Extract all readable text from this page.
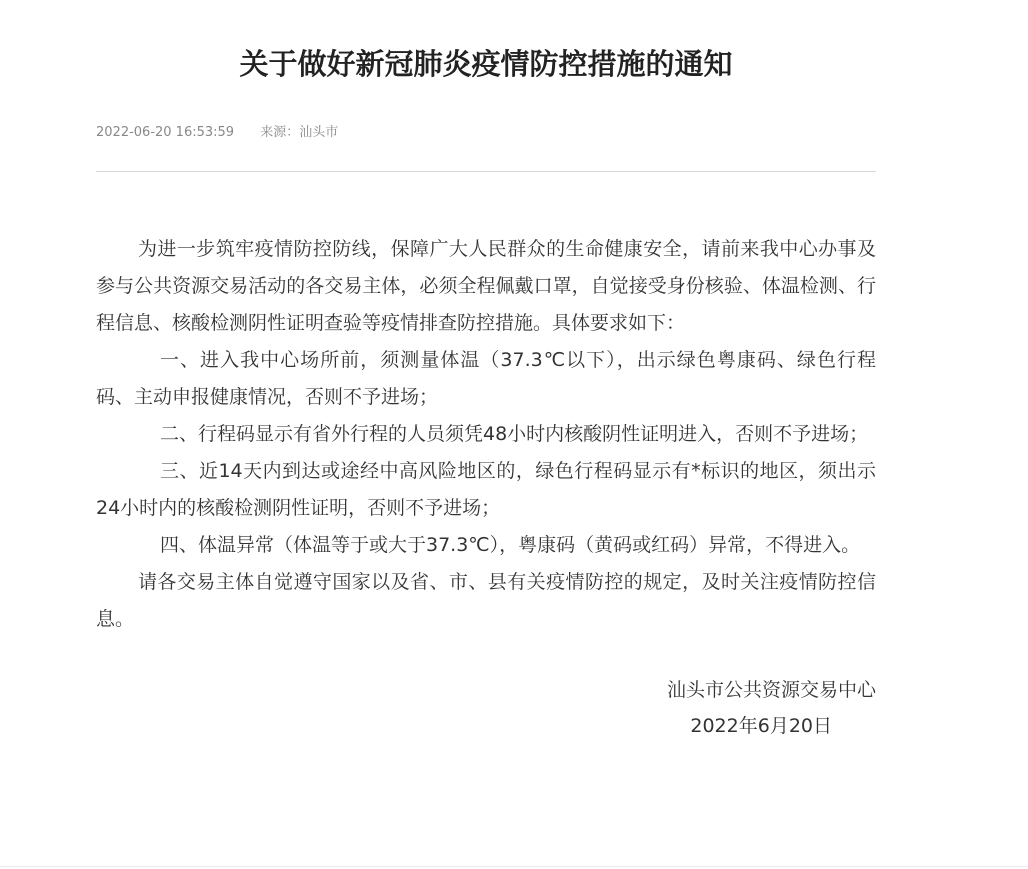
关于做好新冠肺炎疫情防控措施的通知
2022-06-20 16:53:59 来源：汕头市

为进一步筑牢疫情防控防线，保障广大人民群众的生命健康安全，请前来我中心办事及参与公共资源交易活动的各交易主体，必须全程佩戴口罩，自觉接受身份核验、体温检测、行程信息、核酸检测阴性证明查验等疫情排查防控措施。具体要求如下：

一、进入我中心场所前，须测量体温（37.3℃以下），出示绿色粤康码、绿色行程码、主动申报健康情况，否则不予进场；

二、行程码显示有省外行程的人员须凭48小时内核酸阴性证明进入，否则不予进场；

三、近14天内到达或途经中高风险地区的，绿色行程码显示有*标识的地区，须出示24小时内的核酸检测阴性证明，否则不予进场；

四、体温异常（体温等于或大于37.3℃），粤康码（黄码或红码）异常，不得进入。

请各交易主体自觉遵守国家以及省、市、县有关疫情防控的规定，及时关注疫情防控信息。

汕头市公共资源交易中心
2022年6月20日
